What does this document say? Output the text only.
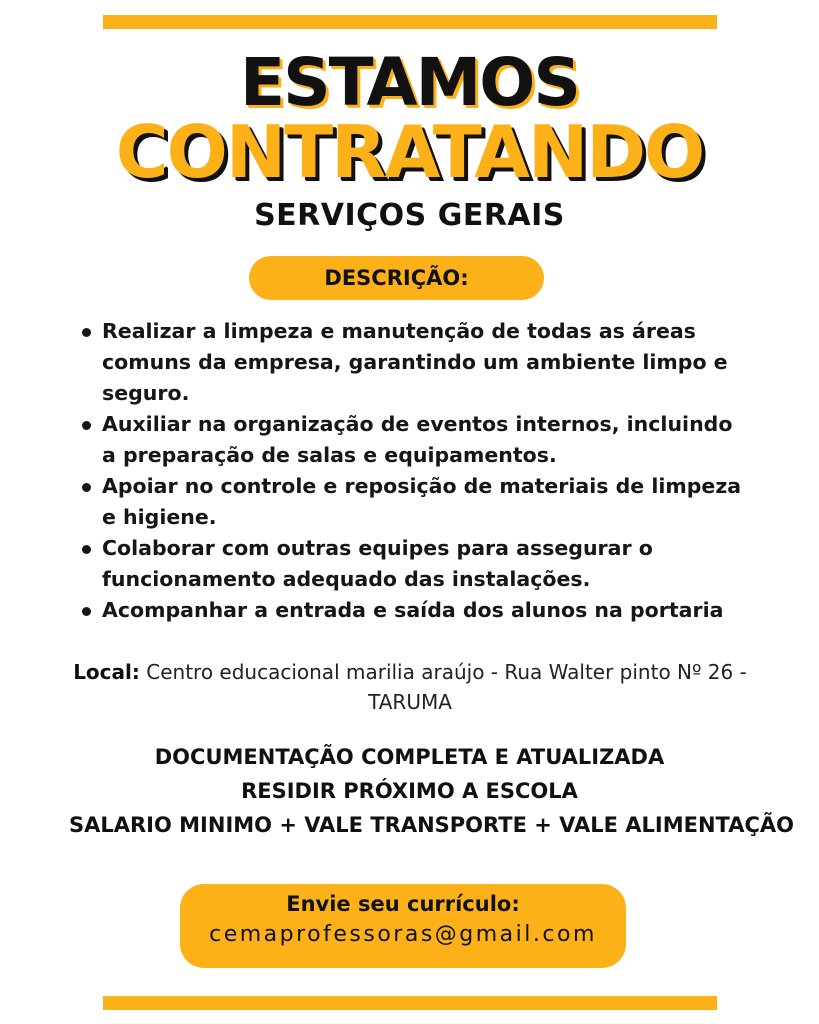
ESTAMOS
CONTRATANDO
SERVIÇOS GERAIS
DESCRIÇÃO:
Realizar a limpeza e manutenção de todas as áreas comuns da empresa, garantindo um ambiente limpo e seguro.
Auxiliar na organização de eventos internos, incluindo a preparação de salas e equipamentos.
Apoiar no controle e reposição de materiais de limpeza e higiene.
Colaborar com outras equipes para assegurar o funcionamento adequado das instalações.
Acompanhar a entrada e saída dos alunos na portaria
Local: Centro educacional marilia araújo - Rua Walter pinto Nº 26 - TARUMA
DOCUMENTAÇÃO COMPLETA E ATUALIZADA
RESIDIR PRÓXIMO A ESCOLA
SALARIO MINIMO + VALE TRANSPORTE + VALE ALIMENTAÇÃO
Envie seu currículo:
cemaprofessoras@gmail.com
